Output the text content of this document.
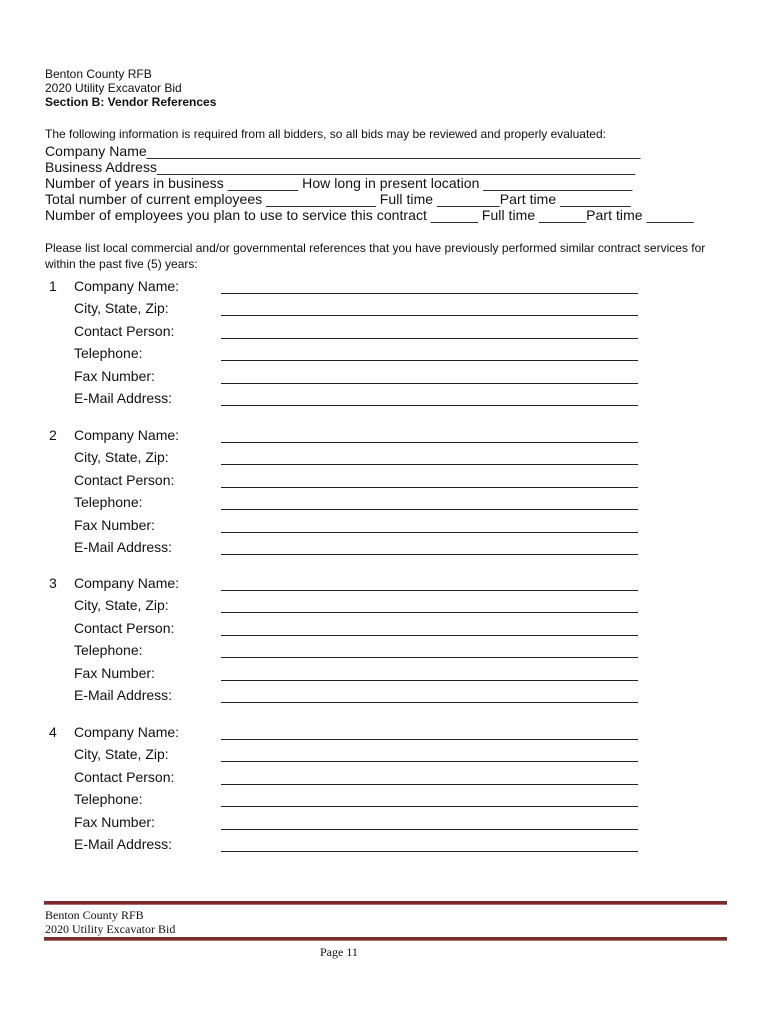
Benton County RFB
2020 Utility Excavator Bid
Section B: Vendor References
The following information is required from all bidders, so all bids may be reviewed and properly evaluated:
Company Name_______________________________________________________________
Business Address_____________________________________________________________
Number of years in business _________ How long in present location ___________________
Total number of current employees ______________ Full time ________Part time _________
Number of employees you plan to use to service this contract ______ Full time ______Part time ______
Please list local commercial and/or governmental references that you have previously performed similar contract services for within the past five (5) years:
1 Company Name:
City, State, Zip:
Contact Person:
Telephone:
Fax Number:
E-Mail Address:
2 Company Name:
City, State, Zip:
Contact Person:
Telephone:
Fax Number:
E-Mail Address:
3 Company Name:
City, State, Zip:
Contact Person:
Telephone:
Fax Number:
E-Mail Address:
4 Company Name:
City, State, Zip:
Contact Person:
Telephone:
Fax Number:
E-Mail Address:
Benton County RFB
2020 Utility Excavator Bid
Page 11
